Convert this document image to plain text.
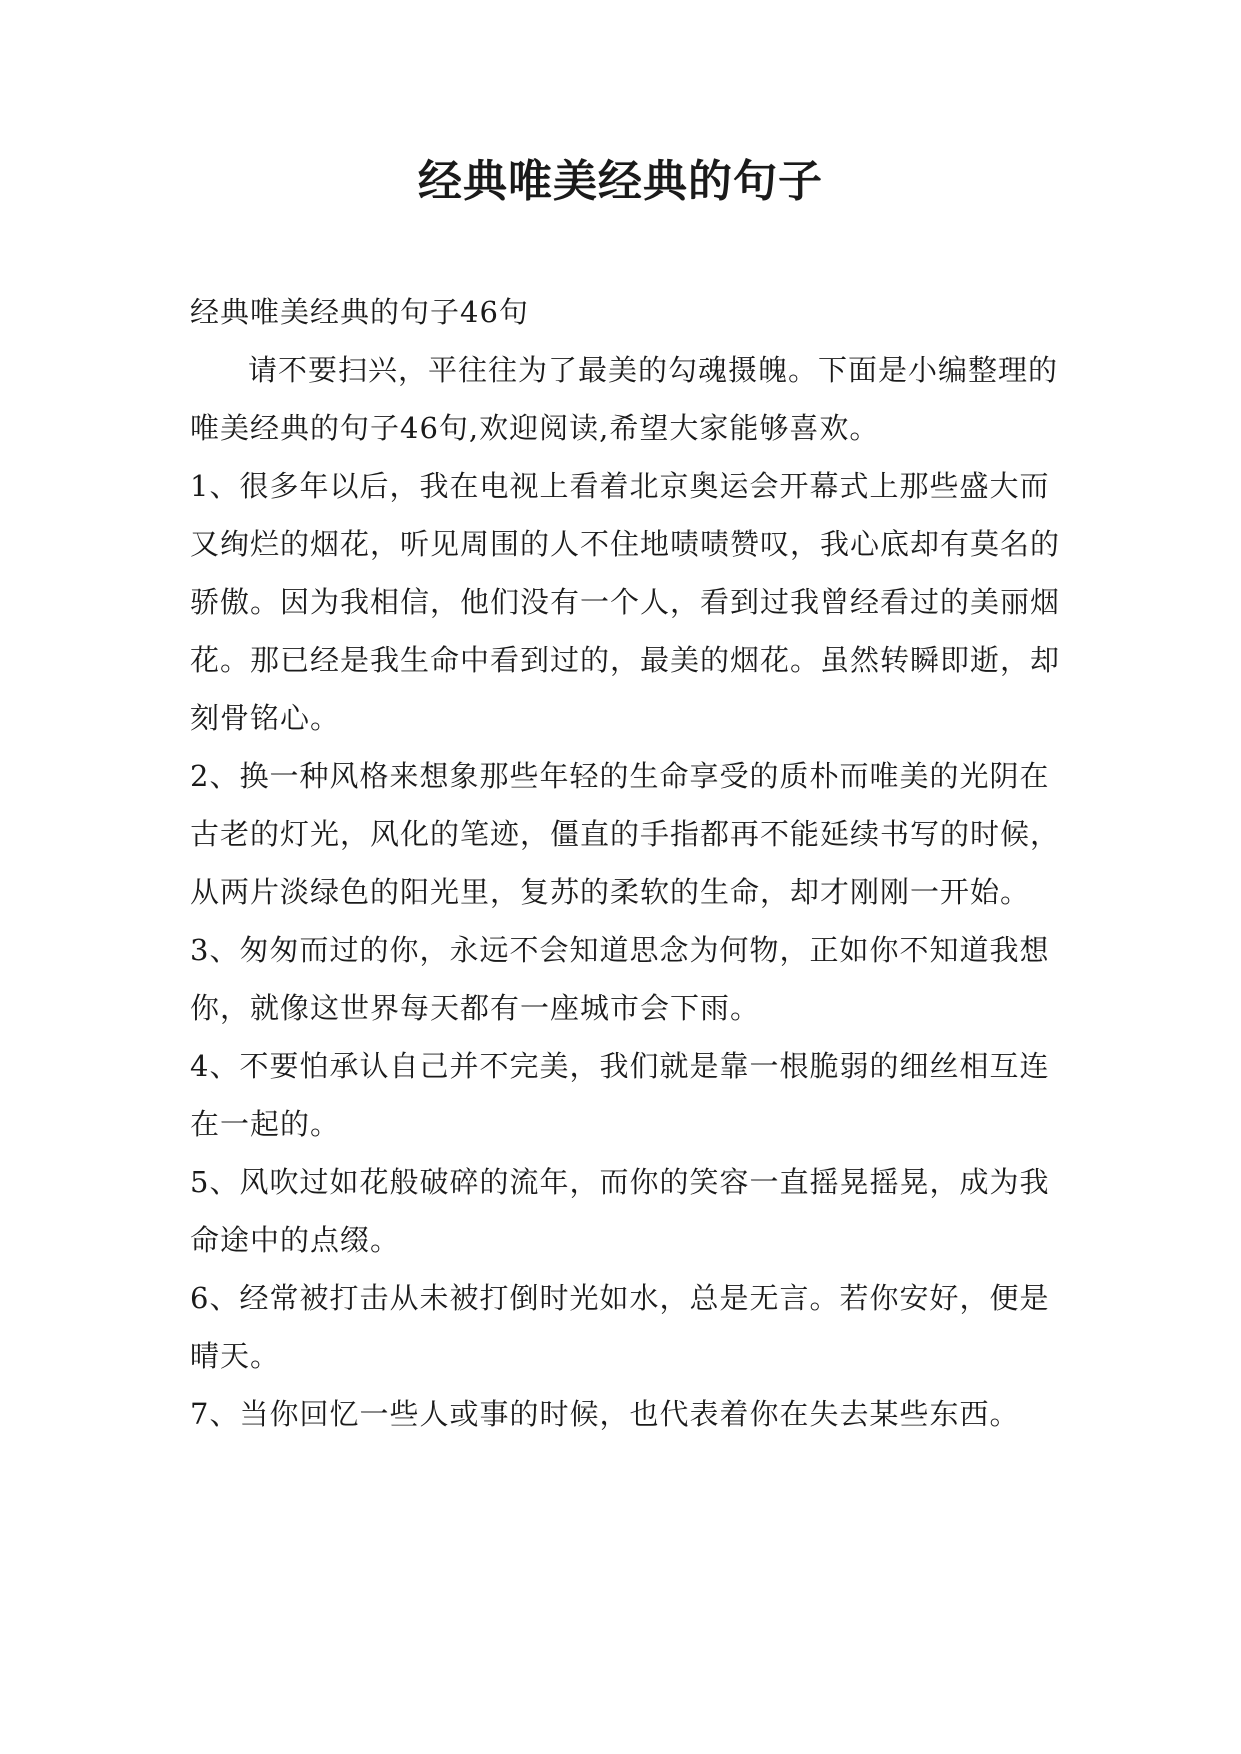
经典唯美经典的句子

经典唯美经典的句子46句

请不要扫兴，平往往为了最美的勾魂摄魄。下面是小编整理的唯美经典的句子46句,欢迎阅读,希望大家能够喜欢。

1、很多年以后，我在电视上看着北京奥运会开幕式上那些盛大而又绚烂的烟花，听见周围的人不住地啧啧赞叹，我心底却有莫名的骄傲。因为我相信，他们没有一个人，看到过我曾经看过的美丽烟花。那已经是我生命中看到过的，最美的烟花。虽然转瞬即逝，却刻骨铭心。

2、换一种风格来想象那些年轻的生命享受的质朴而唯美的光阴在古老的灯光，风化的笔迹，僵直的手指都再不能延续书写的时候，从两片淡绿色的阳光里，复苏的柔软的生命，却才刚刚一开始。

3、匆匆而过的你，永远不会知道思念为何物，正如你不知道我想你，就像这世界每天都有一座城市会下雨。

4、不要怕承认自己并不完美，我们就是靠一根脆弱的细丝相互连在一起的。

5、风吹过如花般破碎的流年，而你的笑容一直摇晃摇晃，成为我命途中的点缀。

6、经常被打击从未被打倒时光如水，总是无言。若你安好，便是晴天。

7、当你回忆一些人或事的时候，也代表着你在失去某些东西。
